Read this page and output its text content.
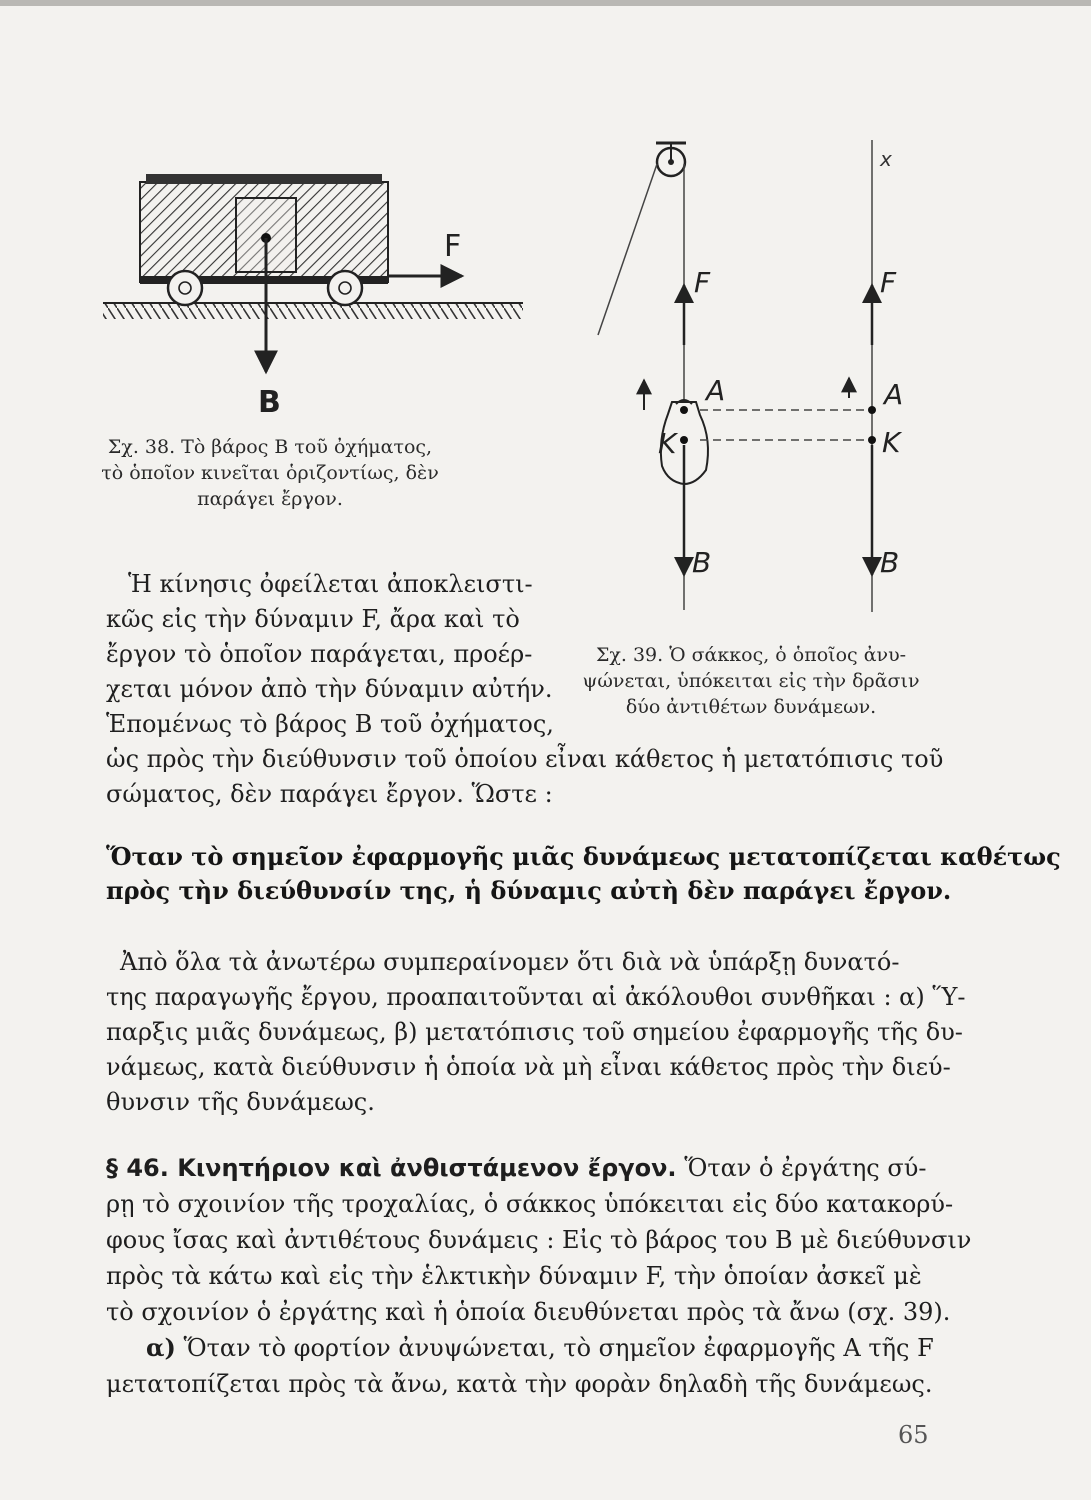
F
B
x
F	F
A	A
K	K
B	B
Σχ. 38. Τὸ βάρος Β τοῦ ὀχήματος,
τὸ ὁποῖον κινεῖται ὁριζοντίως, δὲν
παράγει ἔργον.
Σχ. 39. Ὁ σάκκος, ὁ ὁποῖος ἀνυ-
ψώνεται, ὑπόκειται εἰς τὴν δρᾶσιν
δύο ἀντιθέτων δυνάμεων.
Ἡ κίνησις ὀφείλεται ἀποκλειστι-
κῶς εἰς τὴν δύναμιν F, ἄρα καὶ τὸ
ἔργον τὸ ὁποῖον παράγεται, προέρ-
χεται μόνον ἀπὸ τὴν δύναμιν αὐτήν.
Ἑπομένως τὸ βάρος Β τοῦ ὀχήματος,
ὡς πρὸς τὴν διεύθυνσιν τοῦ ὁποίου εἶναι κάθετος ἡ μετατόπισις τοῦ
σώματος, δὲν παράγει ἔργον. Ὥστε :
Ὅταν τὸ σημεῖον ἐφαρμογῆς μιᾶς δυνάμεως μετατοπίζεται καθέτως
πρὸς τὴν διεύθυνσίν της, ἡ δύναμις αὐτὴ δὲν παράγει ἔργον.
Ἀπὸ ὅλα τὰ ἀνωτέρω συμπεραίνομεν ὅτι διὰ νὰ ὑπάρξῃ δυνατό-
της παραγωγῆς ἔργου, προαπαιτοῦνται αἱ ἀκόλουθοι συνθῆκαι : α) Ὕ-
παρξις μιᾶς δυνάμεως, β) μετατόπισις τοῦ σημείου ἐφαρμογῆς τῆς δυ-
νάμεως, κατὰ διεύθυνσιν ἡ ὁποία νὰ μὴ εἶναι κάθετος πρὸς τὴν διεύ-
θυνσιν τῆς δυνάμεως.
§ 46. Κινητήριον καὶ ἀνθιστάμενον ἔργον. Ὅταν ὁ ἐργάτης σύ-
ρῃ τὸ σχοινίον τῆς τροχαλίας, ὁ σάκκος ὑπόκειται εἰς δύο κατακορύ-
φους ἴσας καὶ ἀντιθέτους δυνάμεις : Εἰς τὸ βάρος του Β μὲ διεύθυνσιν
πρὸς τὰ κάτω καὶ εἰς τὴν ἑλκτικὴν δύναμιν F, τὴν ὁποίαν ἀσκεῖ μὲ
τὸ σχοινίον ὁ ἐργάτης καὶ ἡ ὁποία διευθύνεται πρὸς τὰ ἄνω (σχ. 39).
α) Ὅταν τὸ φορτίον ἀνυψώνεται, τὸ σημεῖον ἐφαρμογῆς Α τῆς F
μετατοπίζεται πρὸς τὰ ἄνω, κατὰ τὴν φορὰν δηλαδὴ τῆς δυνάμεως.
65
